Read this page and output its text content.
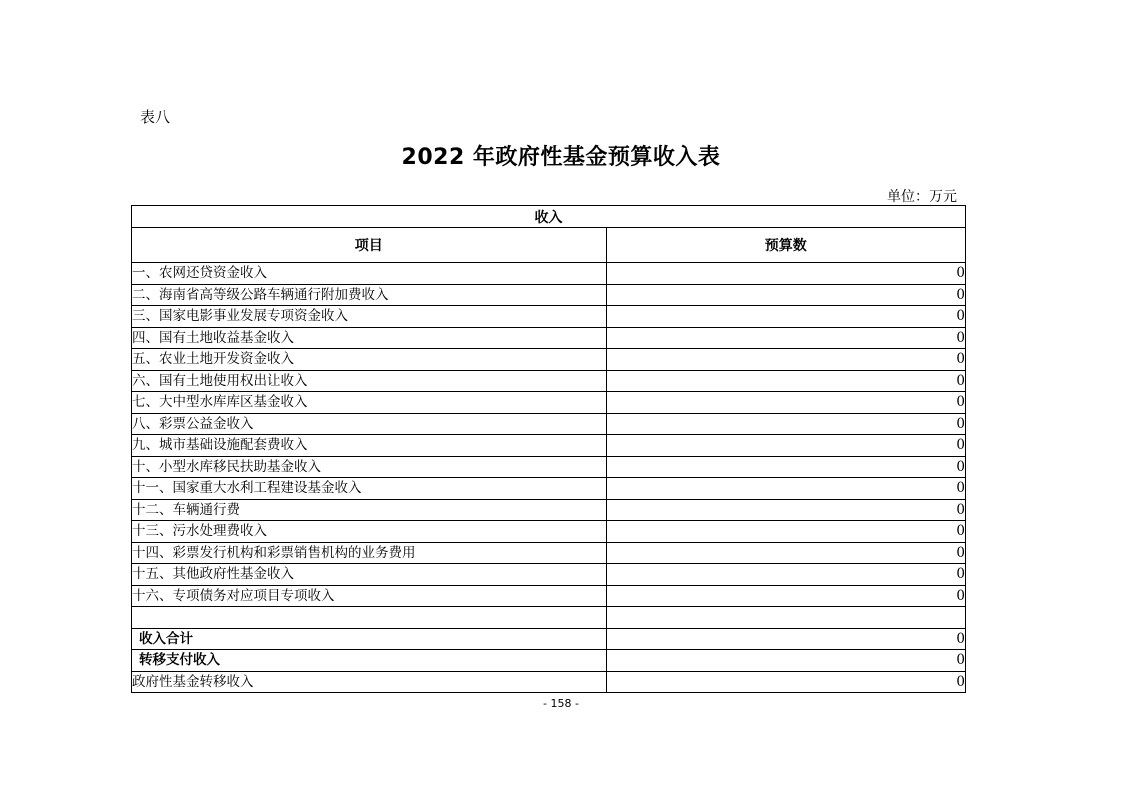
表八
2022 年政府性基金预算收入表
单位：万元
收入	
项目	预算数
一、农网还贷资金收入	0
二、海南省高等级公路车辆通行附加费收入	0
三、国家电影事业发展专项资金收入	0
四、国有土地收益基金收入	0
五、农业土地开发资金收入	0
六、国有土地使用权出让收入	0
七、大中型水库库区基金收入	0
八、彩票公益金收入	0
九、城市基础设施配套费收入	0
十、小型水库移民扶助基金收入	0
十一、国家重大水利工程建设基金收入	0
十二、车辆通行费	0
十三、污水处理费收入	0
十四、彩票发行机构和彩票销售机构的业务费用	0
十五、其他政府性基金收入	0
十六、专项债务对应项目专项收入	0

收入合计	0
转移支付收入	0
政府性基金转移收入	0
- 158 -
